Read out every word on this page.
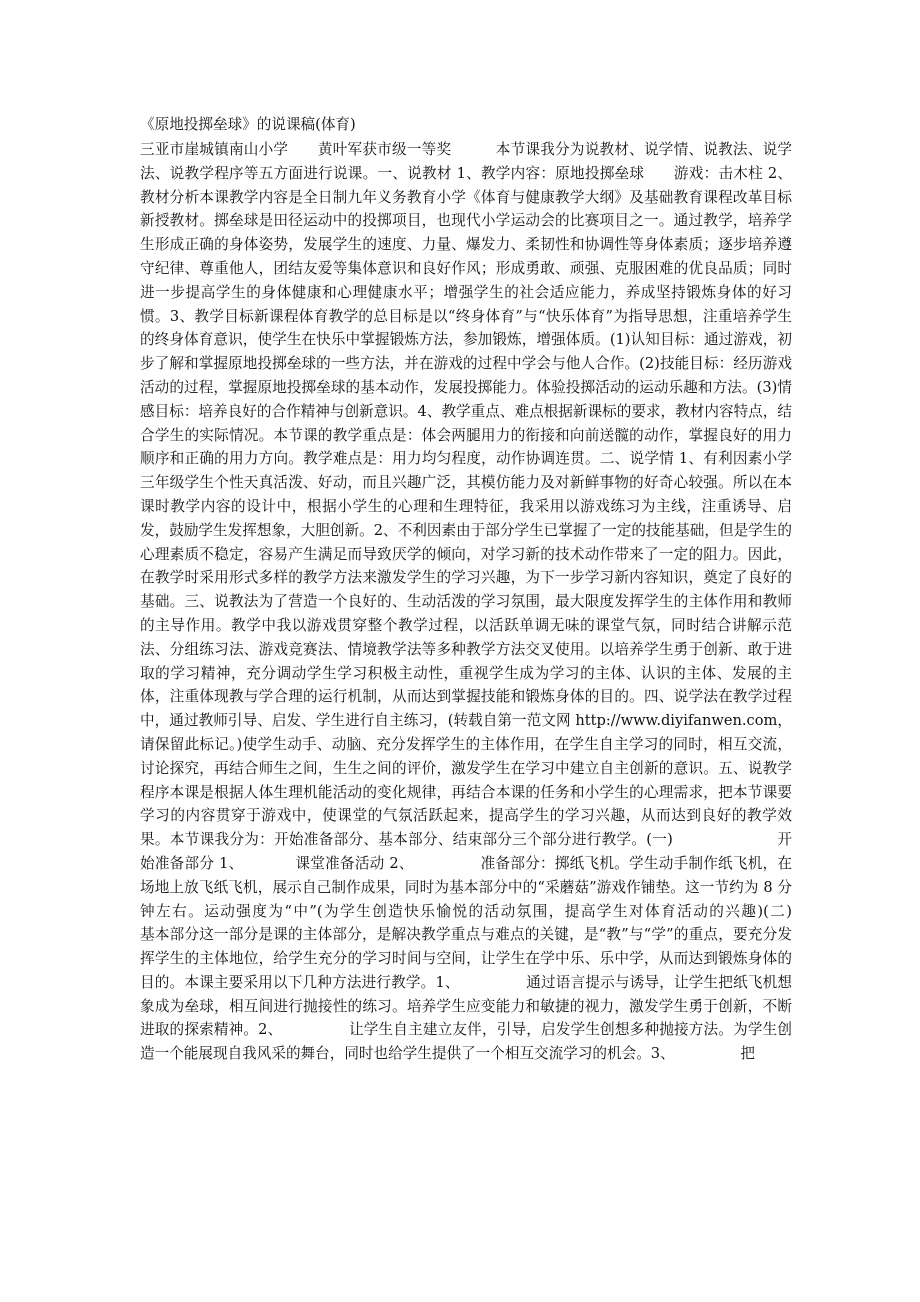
《原地投掷垒球》的说课稿(体育)

三亚市崖城镇南山小学　　黄叶军获市级一等奖　　　本节课我分为说教材、说学情、说教法、说学法、说教学程序等五方面进行说课。一、说教材 1、教学内容：原地投掷垒球　　游戏：击木柱 2、教材分析本课教学内容是全日制九年义务教育小学《体育与健康教学大纲》及基础教育课程改革目标新授教材。掷垒球是田径运动中的投掷项目，也现代小学运动会的比赛项目之一。通过教学，培养学生形成正确的身体姿势，发展学生的速度、力量、爆发力、柔韧性和协调性等身体素质；逐步培养遵守纪律、尊重他人，团结友爱等集体意识和良好作风；形成勇敢、顽强、克服困难的优良品质；同时进一步提高学生的身体健康和心理健康水平；增强学生的社会适应能力，养成坚持锻炼身体的好习惯。3、教学目标新课程体育教学的总目标是以“终身体育”与“快乐体育”为指导思想，注重培养学生的终身体育意识，使学生在快乐中掌握锻炼方法，参加锻炼，增强体质。(1)认知目标：通过游戏，初步了解和掌握原地投掷垒球的一些方法，并在游戏的过程中学会与他人合作。(2)技能目标：经历游戏活动的过程，掌握原地投掷垒球的基本动作，发展投掷能力。体验投掷活动的运动乐趣和方法。(3)情感目标：培养良好的合作精神与创新意识。4、教学重点、难点根据新课标的要求，教材内容特点，结合学生的实际情况。本节课的教学重点是：体会两腿用力的衔接和向前送髋的动作，掌握良好的用力顺序和正确的用力方向。教学难点是：用力均匀程度，动作协调连贯。二、说学情 1、有利因素小学三年级学生个性天真活泼、好动，而且兴趣广泛，其模仿能力及对新鲜事物的好奇心较强。所以在本课时教学内容的设计中，根据小学生的心理和生理特征，我采用以游戏练习为主线，注重诱导、启发，鼓励学生发挥想象，大胆创新。2、不利因素由于部分学生已掌握了一定的技能基础，但是学生的心理素质不稳定，容易产生满足而导致厌学的倾向，对学习新的技术动作带来了一定的阻力。因此，在教学时采用形式多样的教学方法来激发学生的学习兴趣，为下一步学习新内容知识，奠定了良好的基础。三、说教法为了营造一个良好的、生动活泼的学习氛围，最大限度发挥学生的主体作用和教师的主导作用。教学中我以游戏贯穿整个教学过程，以活跃单调无味的课堂气氛，同时结合讲解示范法、分组练习法、游戏竞赛法、情境教学法等多种教学方法交叉使用。以培养学生勇于创新、敢于进取的学习精神，充分调动学生学习积极主动性，重视学生成为学习的主体、认识的主体、发展的主体，注重体现教与学合理的运行机制，从而达到掌握技能和锻炼身体的目的。四、说学法在教学过程中，通过教师引导、启发、学生进行自主练习，(转载自第一范文网 http://www.diyifanwen.com，请保留此标记。)使学生动手、动脑、充分发挥学生的主体作用，在学生自主学习的同时，相互交流，讨论探究，再结合师生之间，生生之间的评价，激发学生在学习中建立自主创新的意识。五、说教学程序本课是根据人体生理机能活动的变化规律，再结合本课的任务和小学生的心理需求，把本节课要学习的内容贯穿于游戏中，使课堂的气氛活跃起来，提高学生的学习兴趣，从而达到良好的教学效果。本节课我分为：开始准备部分、基本部分、结束部分三个部分进行教学。(一)　　　　　　　开始准备部分 1、　　　　课堂准备活动 2、　　　　　准备部分：掷纸飞机。学生动手制作纸飞机，在场地上放飞纸飞机，展示自己制作成果，同时为基本部分中的“采蘑菇”游戏作铺垫。这一节约为 8 分钟左右。运动强度为“中”(为学生创造快乐愉悦的活动氛围，提高学生对体育活动的兴趣)(二)　　　　基本部分这一部分是课的主体部分，是解决教学重点与难点的关键，是“教”与“学”的重点，要充分发挥学生的主体地位，给学生充分的学习时间与空间，让学生在学中乐、乐中学，从而达到锻炼身体的目的。本课主要采用以下几种方法进行教学。1、　　　　　通过语言提示与诱导，让学生把纸飞机想象成为垒球，相互间进行抛接性的练习。培养学生应变能力和敏捷的视力，激发学生勇于创新，不断进取的探索精神。2、　　　　　让学生自主建立友伴，引导，启发学生创想多种抛接方法。为学生创造一个能展现自我风采的舞台，同时也给学生提供了一个相互交流学习的机会。3、　　　　　把
